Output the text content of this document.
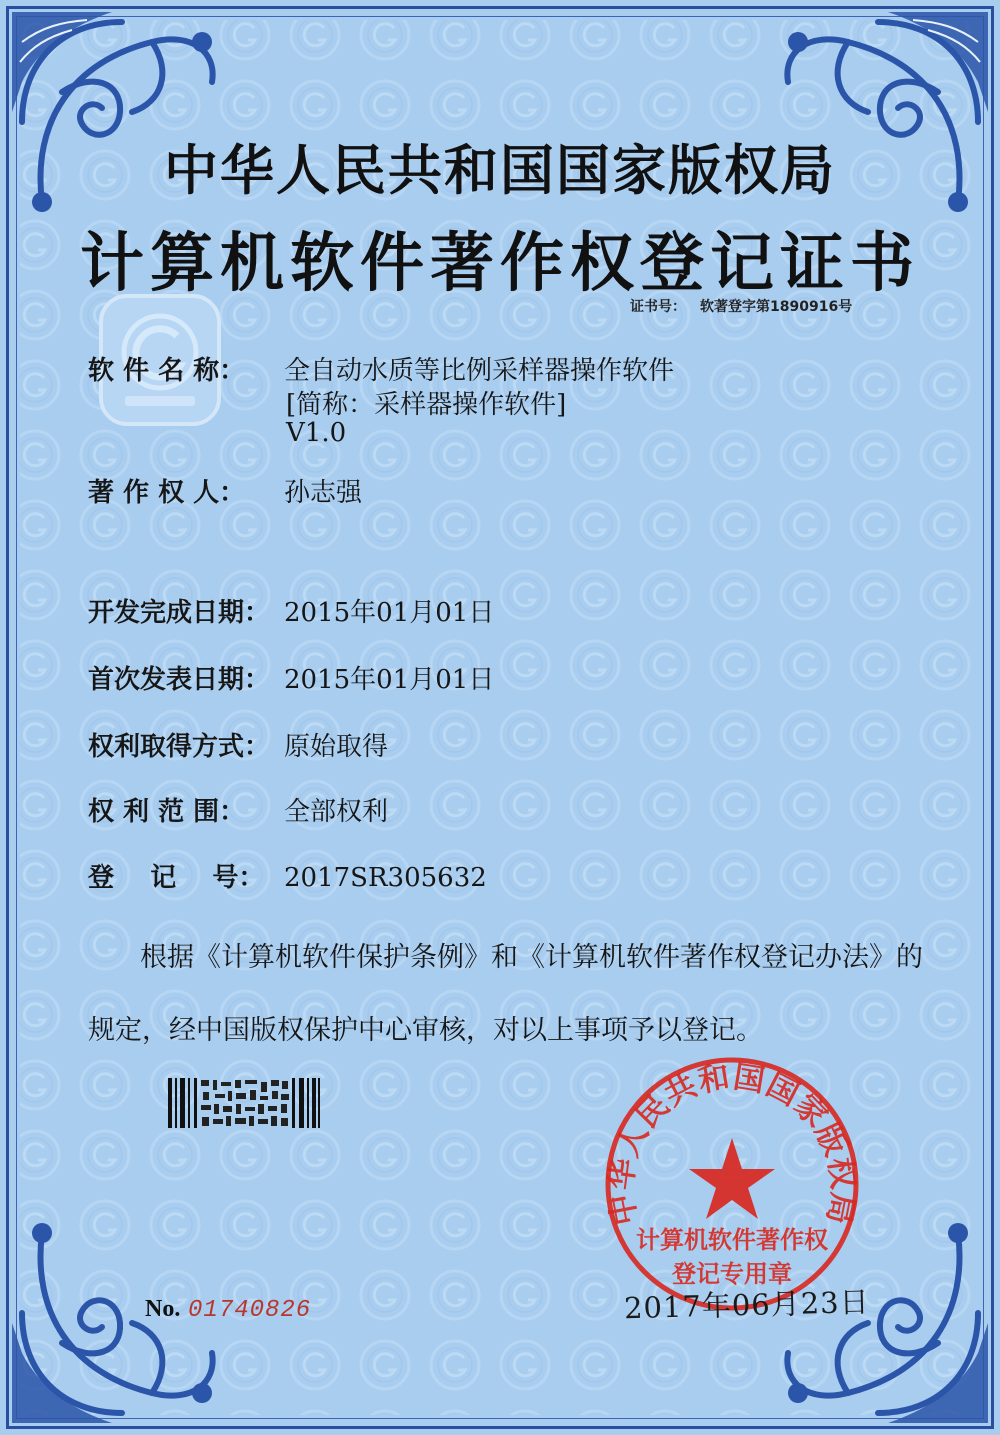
中华人民共和国国家版权局
计算机软件著作权登记证书
证书号： 软著登字第1890916号
软 件 名 称： 全自动水质等比例采样器操作软件
[简称：采样器操作软件]
V1.0
著 作 权 人： 孙志强
开发完成日期： 2015年01月01日
首次发表日期： 2015年01月01日
权利取得方式： 原始取得
权 利 范 围： 全部权利
登    记    号： 2017SR305632
根据《计算机软件保护条例》和《计算机软件著作权登记办法》的
规定，经中国版权保护中心审核，对以上事项予以登记。
No. 01740826
中华人民共和国国家版权局
计算机软件著作权
登记专用章
2017年06月23日
